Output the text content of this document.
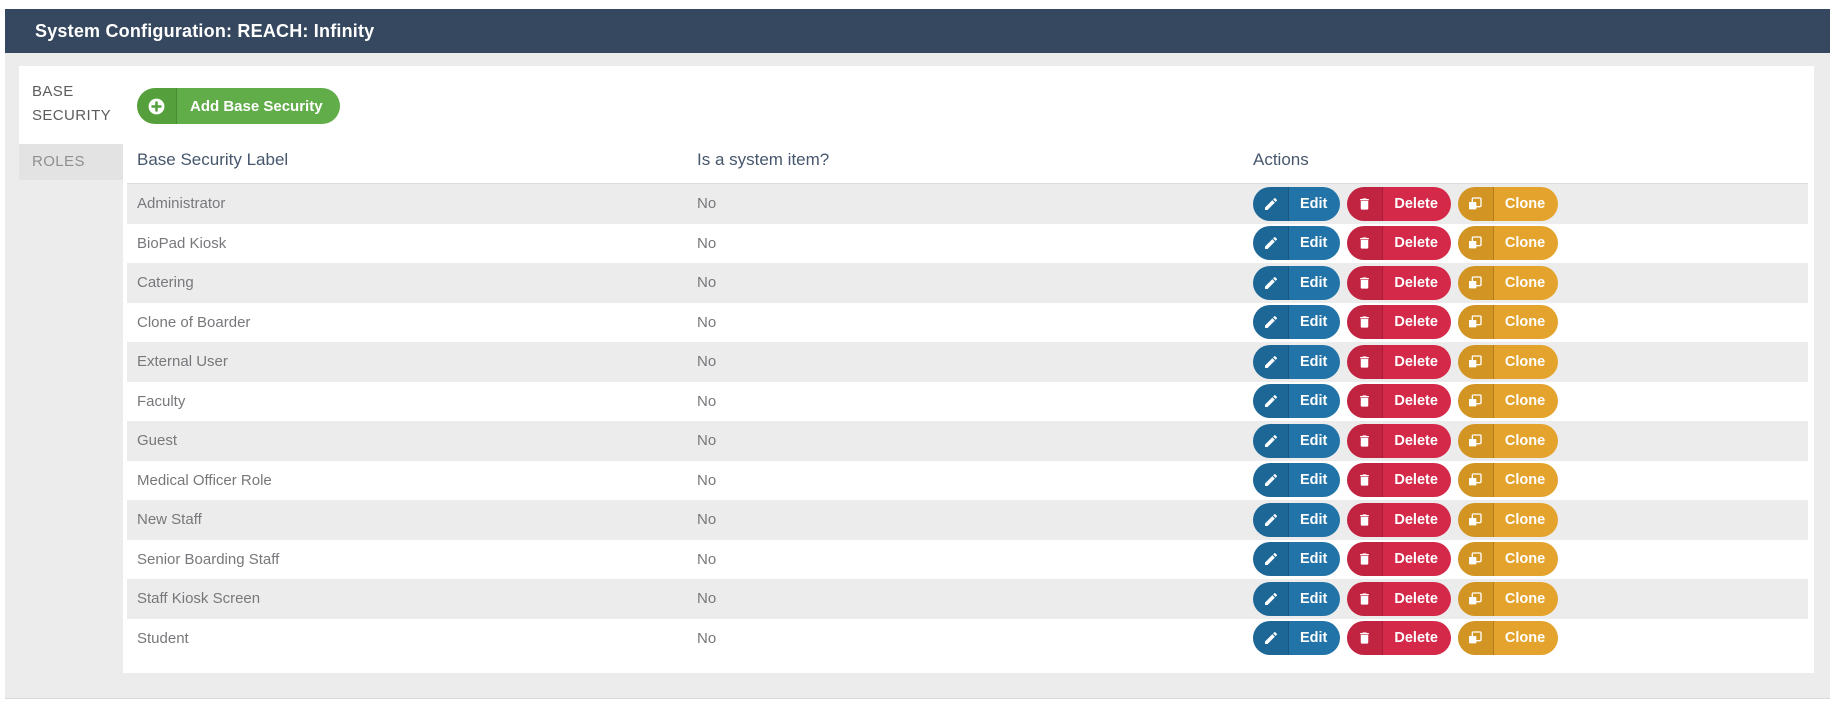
System Configuration: REACH: Infinity
BASE SECURITY
ROLES
Add Base Security
Base Security Label	Is a system item?	Actions
Administrator	No	Edit	Delete	Clone
BioPad Kiosk	No	Edit	Delete	Clone
Catering	No	Edit	Delete	Clone
Clone of Boarder	No	Edit	Delete	Clone
External User	No	Edit	Delete	Clone
Faculty	No	Edit	Delete	Clone
Guest	No	Edit	Delete	Clone
Medical Officer Role	No	Edit	Delete	Clone
New Staff	No	Edit	Delete	Clone
Senior Boarding Staff	No	Edit	Delete	Clone
Staff Kiosk Screen	No	Edit	Delete	Clone
Student	No	Edit	Delete	Clone
